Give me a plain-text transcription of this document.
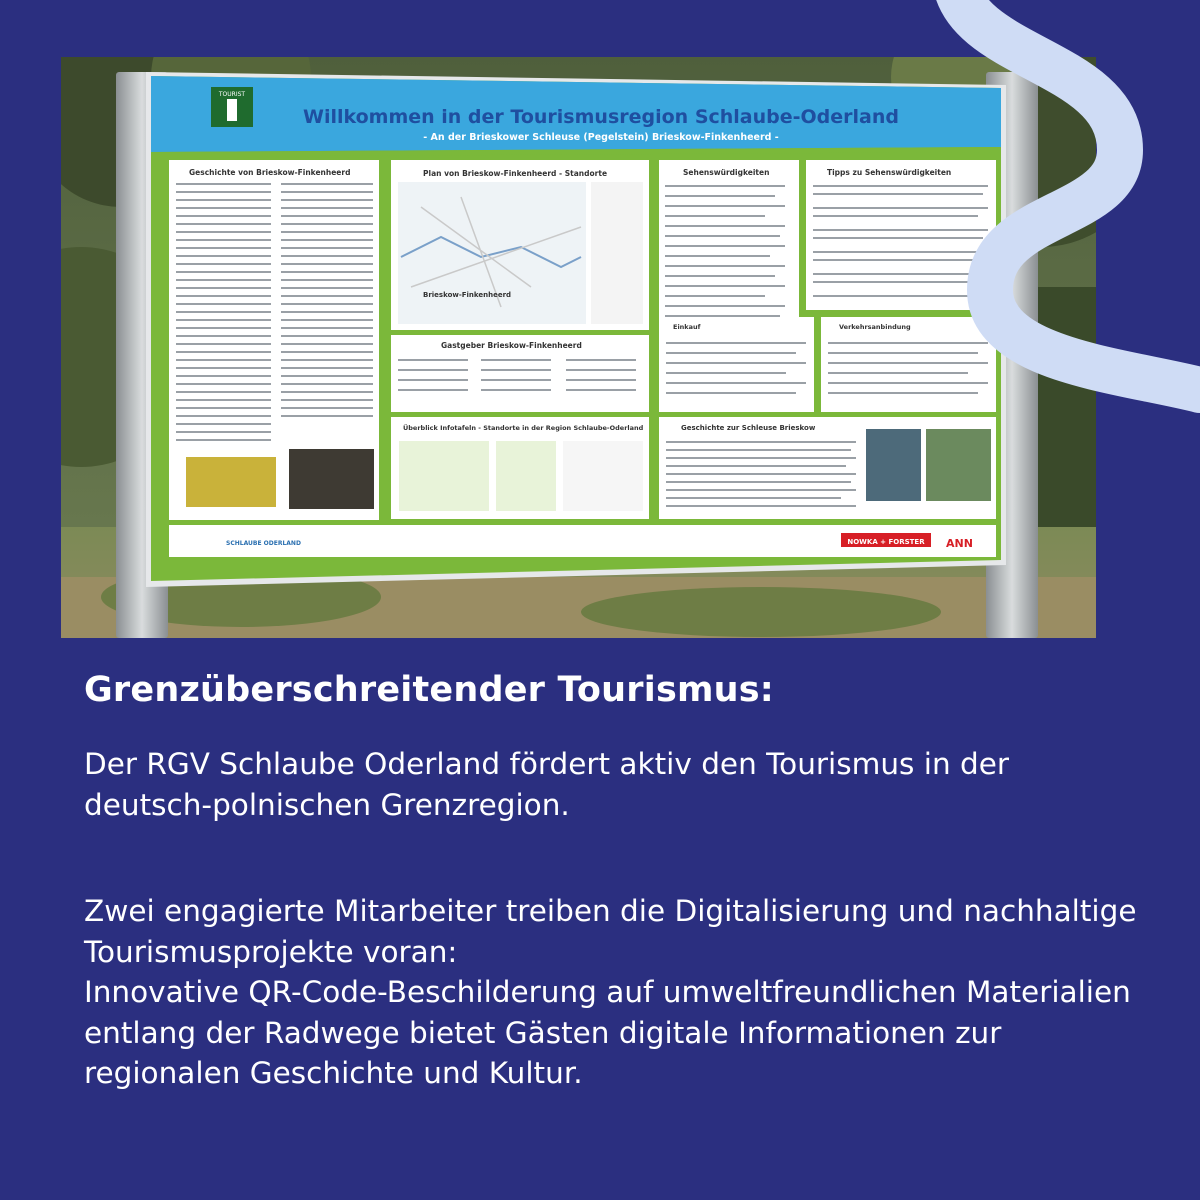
TOURIST
Willkommen in der Tourismusregion Schlaube-Oderland
- An der Brieskower Schleuse (Pegelstein) Brieskow-Finkenheerd -
Geschichte von Brieskow-Finkenheerd	Plan von Brieskow-Finkenheerd - Standorte
Brieskow-Finkenheerd
Sehenswürdigkeiten	Tipps zu Sehenswürdigkeiten
Gastgeber Brieskow-Finkenheerd
Einkauf	Verkehrsanbindung
Überblick Infotafeln - Standorte in der Region Schlaube-Oderland	Geschichte zur Schleuse Brieskow
SCHLAUBE ODERLAND	NOWKA + FORSTER ANN
Grenzüberschreitender Tourismus:

Der RGV Schlaube Oderland fördert aktiv den Tourismus in der deutsch-polnischen Grenzregion.

Zwei engagierte Mitarbeiter treiben die Digitalisierung und nachhaltige Tourismusprojekte voran:

Innovative QR-Code-Beschilderung auf umweltfreundlichen Materialien entlang der Radwege bietet Gästen digitale Informationen zur regionalen Geschichte und Kultur.
